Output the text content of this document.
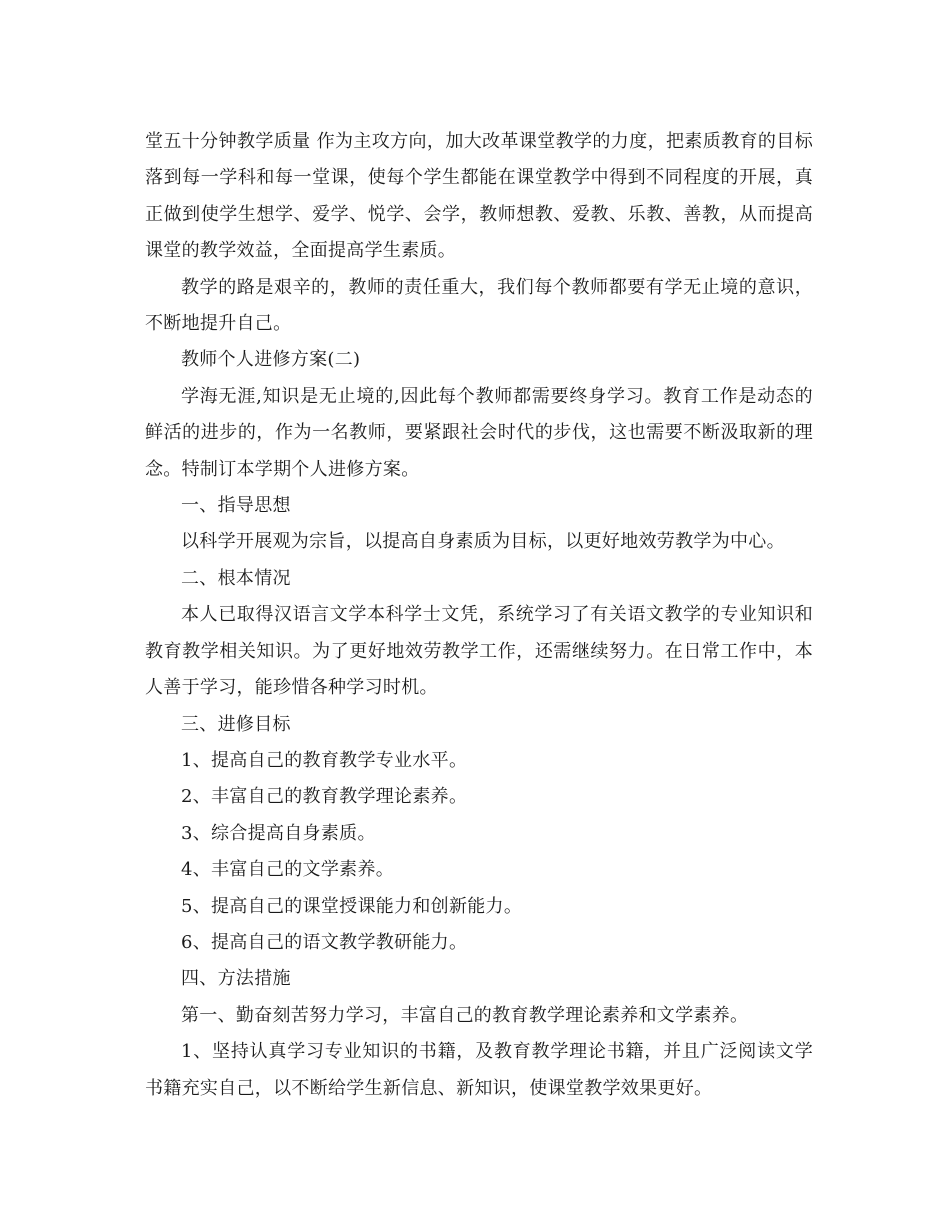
堂五十分钟教学质量 作为主攻方向，加大改革课堂教学的力度，把素质教育的目标落到每一学科和每一堂课，使每个学生都能在课堂教学中得到不同程度的开展，真正做到使学生想学、爱学、悦学、会学，教师想教、爱教、乐教、善教，从而提高课堂的教学效益，全面提高学生素质。

教学的路是艰辛的，教师的责任重大，我们每个教师都要有学无止境的意识，不断地提升自己。

教师个人进修方案(二)

学海无涯,知识是无止境的,因此每个教师都需要终身学习。教育工作是动态的鲜活的进步的，作为一名教师，要紧跟社会时代的步伐，这也需要不断汲取新的理念。特制订本学期个人进修方案。

一、指导思想

以科学开展观为宗旨，以提高自身素质为目标，以更好地效劳教学为中心。

二、根本情况

本人已取得汉语言文学本科学士文凭，系统学习了有关语文教学的专业知识和教育教学相关知识。为了更好地效劳教学工作，还需继续努力。在日常工作中，本人善于学习，能珍惜各种学习时机。

三、进修目标

1、提高自己的教育教学专业水平。

2、丰富自己的教育教学理论素养。

3、综合提高自身素质。

4、丰富自己的文学素养。

5、提高自己的课堂授课能力和创新能力。

6、提高自己的语文教学教研能力。

四、方法措施

第一、勤奋刻苦努力学习，丰富自己的教育教学理论素养和文学素养。

1、坚持认真学习专业知识的书籍，及教育教学理论书籍，并且广泛阅读文学书籍充实自己，以不断给学生新信息、新知识，使课堂教学效果更好。
